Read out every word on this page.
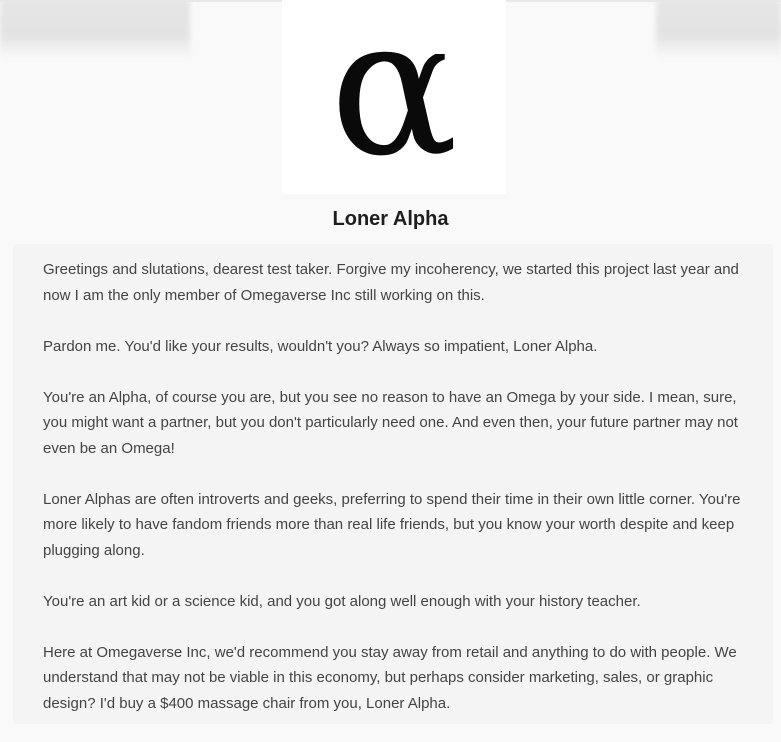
α
Loner Alpha

Greetings and slutations, dearest test taker. Forgive my incoherency, we started this project last year and now I am the only member of Omegaverse Inc still working on this.

Pardon me. You'd like your results, wouldn't you? Always so impatient, Loner Alpha.

You're an Alpha, of course you are, but you see no reason to have an Omega by your side. I mean, sure, you might want a partner, but you don't particularly need one. And even then, your future partner may not even be an Omega!

Loner Alphas are often introverts and geeks, preferring to spend their time in their own little corner. You're more likely to have fandom friends more than real life friends, but you know your worth despite and keep plugging along.

You're an art kid or a science kid, and you got along well enough with your history teacher.

Here at Omegaverse Inc, we'd recommend you stay away from retail and anything to do with people. We understand that may not be viable in this economy, but perhaps consider marketing, sales, or graphic design? I'd buy a $400 massage chair from you, Loner Alpha.
